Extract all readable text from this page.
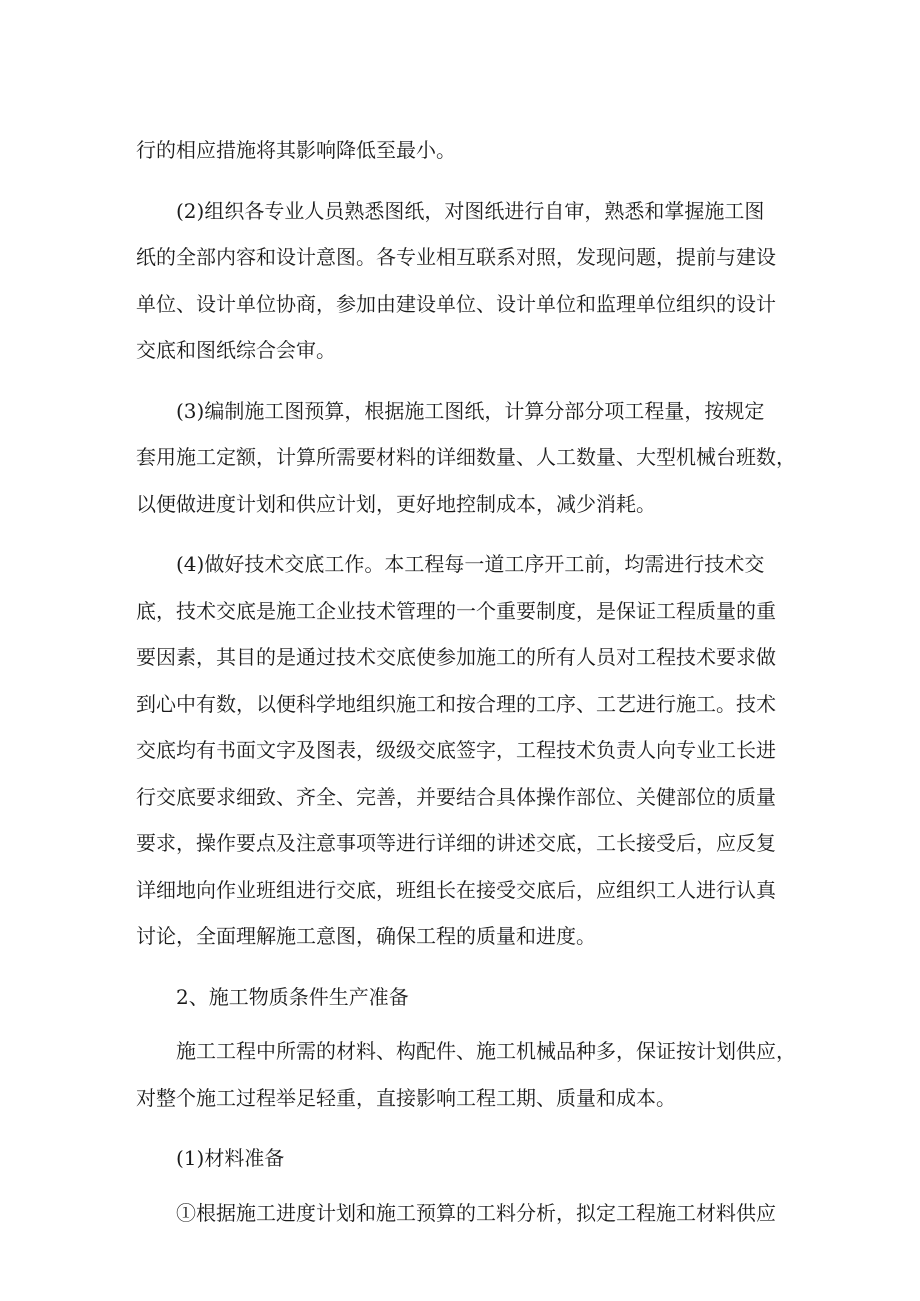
行的相应措施将其影响降低至最小。

(2)组织各专业人员熟悉图纸，对图纸进行自审，熟悉和掌握施工图

纸的全部内容和设计意图。各专业相互联系对照，发现问题，提前与建设

单位、设计单位协商，参加由建设单位、设计单位和监理单位组织的设计

交底和图纸综合会审。

(3)编制施工图预算，根据施工图纸，计算分部分项工程量，按规定

套用施工定额，计算所需要材料的详细数量、人工数量、大型机械台班数，

以便做进度计划和供应计划，更好地控制成本，减少消耗。

(4)做好技术交底工作。本工程每一道工序开工前，均需进行技术交

底，技术交底是施工企业技术管理的一个重要制度，是保证工程质量的重

要因素，其目的是通过技术交底使参加施工的所有人员对工程技术要求做

到心中有数，以便科学地组织施工和按合理的工序、工艺进行施工。技术

交底均有书面文字及图表，级级交底签字，工程技术负责人向专业工长进

行交底要求细致、齐全、完善，并要结合具体操作部位、关健部位的质量

要求，操作要点及注意事项等进行详细的讲述交底，工长接受后，应反复

详细地向作业班组进行交底，班组长在接受交底后，应组织工人进行认真

讨论，全面理解施工意图，确保工程的质量和进度。

2、施工物质条件生产准备

施工工程中所需的材料、构配件、施工机械品种多，保证按计划供应，

对整个施工过程举足轻重，直接影响工程工期、质量和成本。

(1)材料准备

①根据施工进度计划和施工预算的工料分析，拟定工程施工材料供应
